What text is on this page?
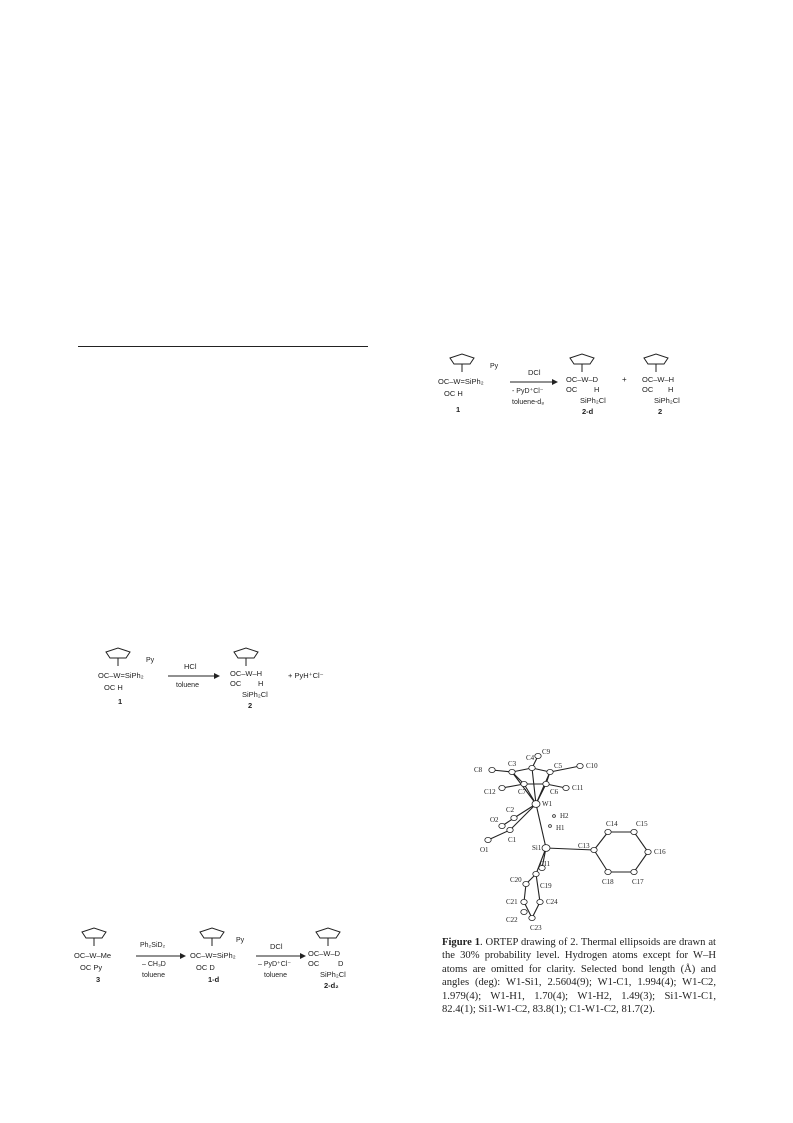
Py
OC–W=SiPh₂
OC H
1
DCl
- PyD⁺Cl⁻
toluene-d₈
OC–W–D
OC H
SiPh₂Cl
2-d
+ OC–W–H
OC H
SiPh₂Cl
2
Py
OC–W=SiPh₂
OC H
1
HCl
toluene
OC–W–H
OC H
SiPh₂Cl
2
+ PyH⁺Cl⁻
OC–W–Me
OC Py
3
Ph₂SiD₂
– CH₃D
toluene
Py
OC–W=SiPh₂
OC D
1-d
DCl
– PyD⁺Cl⁻
toluene
OC–W–D
OC	D
SiPh₂Cl
2-d₂
C8
C3
C4
C9
C5	C10
C12	C7	C6 C11
O2
C2
W1
H2
H1
C1
O1	Si1	C13
C14	C15
C16
C17
C18
Cl1
C19
C20
C21	C24
C22
C23
Figure 1. ORTEP drawing of 2. Thermal ellipsoids are drawn at the 30% probability level. Hydrogen atoms except for W–H atoms are omitted for clarity. Selected bond length (Å) and angles (deg): W1-Si1, 2.5604(9); W1-C1, 1.994(4); W1-C2, 1.979(4); W1-H1, 1.70(4); W1-H2, 1.49(3); Si1-W1-C1, 82.4(1); Si1-W1-C2, 83.8(1); C1-W1-C2, 81.7(2).
